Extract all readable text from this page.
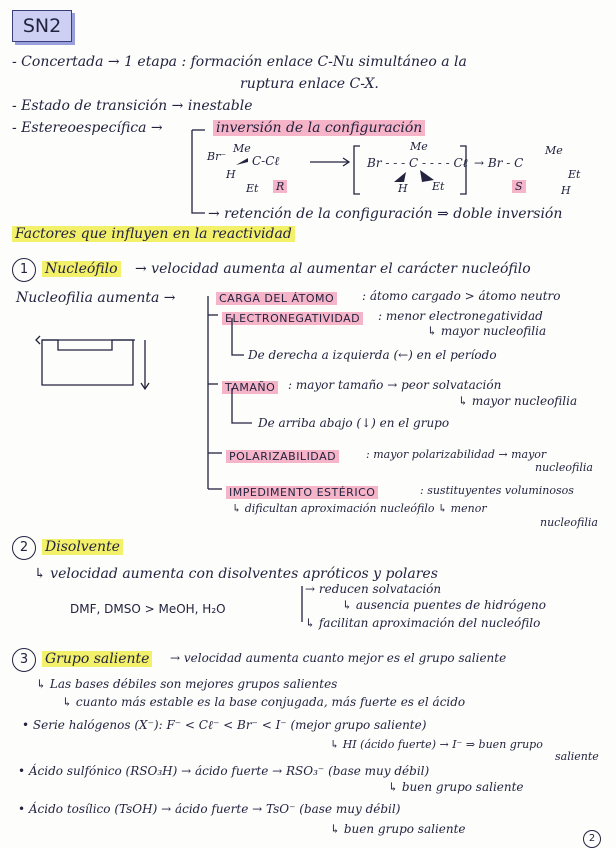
SN2
- Concertada → 1 etapa : formación enlace C-Nu simultáneo a la
ruptura enlace C-X.
- Estado de transición → inestable
- Estereoespecífica →	inversión de la configuración
→ retención de la configuración ⇒ doble inversión
Br⁻
Me
C-Cℓ
H
Et R
Br - - - C - - - - Cℓ
Me
H Et
→ Br - C
Me
Et
H
S
Factores que influyen en la reactividad
1	Nucleófilo → velocidad aumenta al aumentar el carácter nucleófilo
Nucleofilia aumenta →	CARGA DEL ÁTOMO : átomo cargado > átomo neutro
ELECTRONEGATIVIDAD : menor electronegatividad
↳ mayor nucleofilia
De derecha a izquierda (←) en el período
TAMAÑO : mayor tamaño → peor solvatación
↳ mayor nucleofilia
De arriba abajo (↓) en el grupo
POLARIZABILIDAD	: mayor polarizabilidad → mayor
nucleofilia
IMPEDIMENTO ESTÉRICO	: sustituyentes voluminosos
↳ dificultan aproximación nucleófilo ↳ menor
nucleofilia
2	Disolvente
↳ velocidad aumenta con disolventes apróticos y polares
DMF, DMSO > MeOH, H₂O
→ reducen solvatación
↳ ausencia puentes de hidrógeno
↳ facilitan aproximación del nucleófilo
3	Grupo saliente → velocidad aumenta cuanto mejor es el grupo saliente
↳ Las bases débiles son mejores grupos salientes
↳ cuanto más estable es la base conjugada, más fuerte es el ácido
• Serie halógenos (X⁻): F⁻ < Cℓ⁻ < Br⁻ < I⁻ (mejor grupo saliente)
↳ HI (ácido fuerte) → I⁻ ⇒ buen grupo
saliente
• Ácido sulfónico (RSO₃H) → ácido fuerte → RSO₃⁻ (base muy débil)
↳ buen grupo saliente
• Ácido tosílico (TsOH) → ácido fuerte → TsO⁻ (base muy débil)
↳ buen grupo saliente
2
